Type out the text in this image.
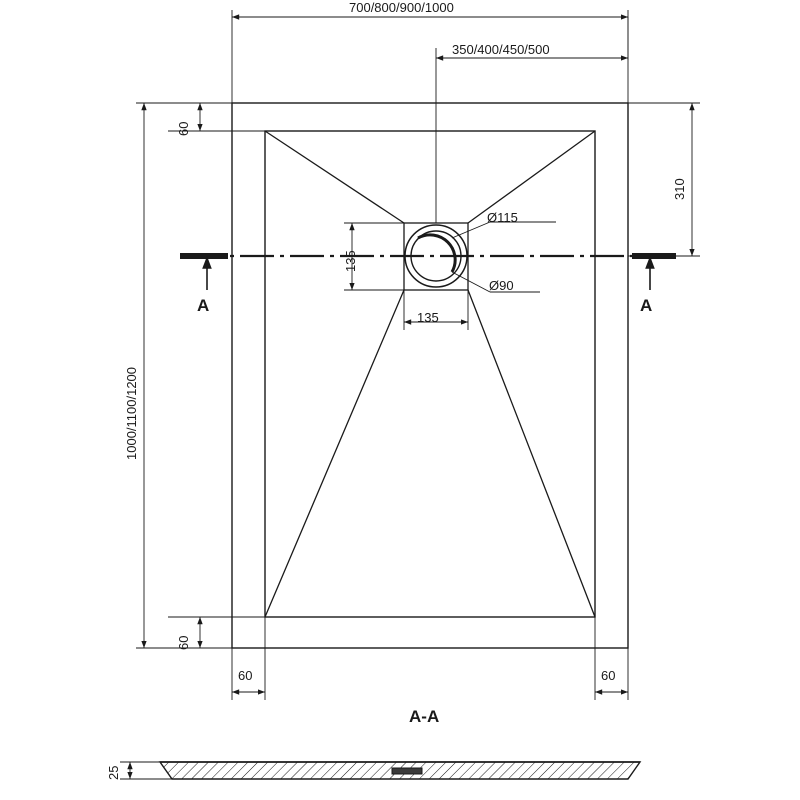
700/800/900/1000
350/400/450/500
1000/1100/1200
310
60
60
60	60
135
135
Ø115
Ø90
A	A
A-A
25
